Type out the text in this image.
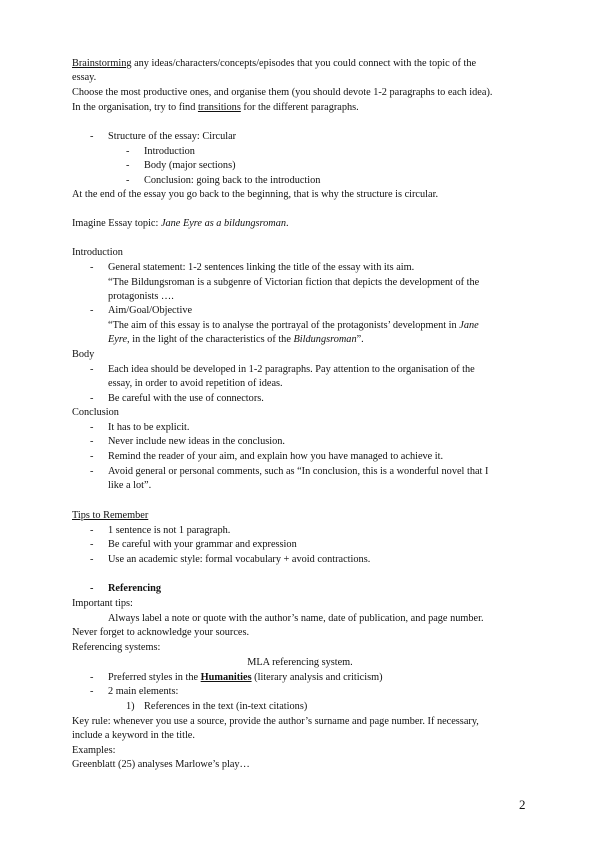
Brainstorming any ideas/characters/concepts/episodes that you could connect with the topic of the
essay.
Choose the most productive ones, and organise them (you should devote 1-2 paragraphs to each idea).
In the organisation, try to find transitions for the different paragraphs.
- Structure of the essay: Circular
- Introduction
- Body (major sections)
- Conclusion: going back to the introduction
At the end of the essay you go back to the beginning, that is why the structure is circular.
Imagine Essay topic: Jane Eyre as a bildungsroman.
Introduction
- General statement: 1-2 sentences linking the title of the essay with its aim.
“The Bildungsroman is a subgenre of Victorian fiction that depicts the development of the
protagonists ….
- Aim/Goal/Objective
“The aim of this essay is to analyse the portrayal of the protagonists’ development in Jane
Eyre, in the light of the characteristics of the Bildungsroman”.
Body
- Each idea should be developed in 1-2 paragraphs. Pay attention to the organisation of the
essay, in order to avoid repetition of ideas.
- Be careful with the use of connectors.
Conclusion
- It has to be explicit.
- Never include new ideas in the conclusion.
- Remind the reader of your aim, and explain how you have managed to achieve it.
- Avoid general or personal comments, such as “In conclusion, this is a wonderful novel that I
like a lot”.
Tips to Remember
- 1 sentence is not 1 paragraph.
- Be careful with your grammar and expression
- Use an academic style: formal vocabulary + avoid contractions.
- Referencing
Important tips:
Always label a note or quote with the author’s name, date of publication, and page number.
Never forget to acknowledge your sources.
Referencing systems:
MLA referencing system.
- Preferred styles in the Humanities (literary analysis and criticism)
- 2 main elements:
1) References in the text (in-text citations)
Key rule: whenever you use a source, provide the author’s surname and page number. If necessary,
include a keyword in the title.
Examples:
Greenblatt (25) analyses Marlowe’s play…
2
